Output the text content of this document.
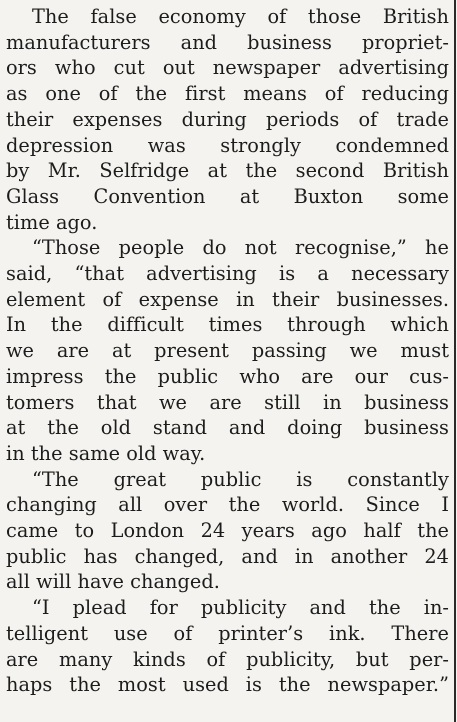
The false economy of those British
manufacturers and business propriet-
ors who cut out newspaper advertising
as one of the first means of reducing
their expenses during periods of trade
depression was strongly condemned
by Mr. Selfridge at the second British
Glass Convention at Buxton some
time ago.

“Those people do not recognise,” he
said, “that advertising is a necessary
element of expense in their businesses.
In the difficult times through which
we are at present passing we must
impress the public who are our cus-
tomers that we are still in business
at the old stand and doing business
in the same old way.

“The great public is constantly
changing all over the world. Since I
came to London 24 years ago half the
public has changed, and in another 24
all will have changed.

“I plead for publicity and the in-
telligent use of printer’s ink. There
are many kinds of publicity, but per-
haps the most used is the newspaper.”
